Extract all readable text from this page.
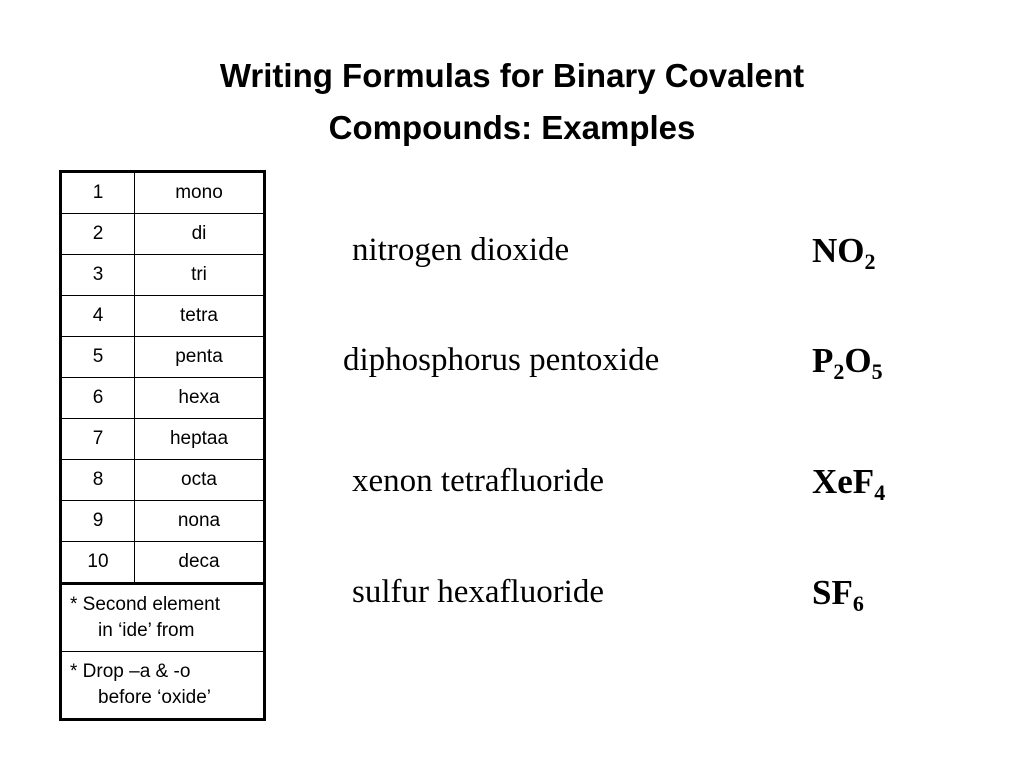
Writing Formulas for Binary Covalent
Compounds: Examples
1	mono
2	di
3	tri
4	tetra
5	penta
6	hexa
7	heptaa
8	octa
9	nona
10	deca
* Second element
in ‘ide’ from	

* Drop –a & -o
before ‘oxide’	
nitrogen dioxide	$NO_2$
diphosphorus pentoxide	$P_2O_5$
xenon tetrafluoride	XeF$_4$
sulfur hexafluoride	$SF_6$
